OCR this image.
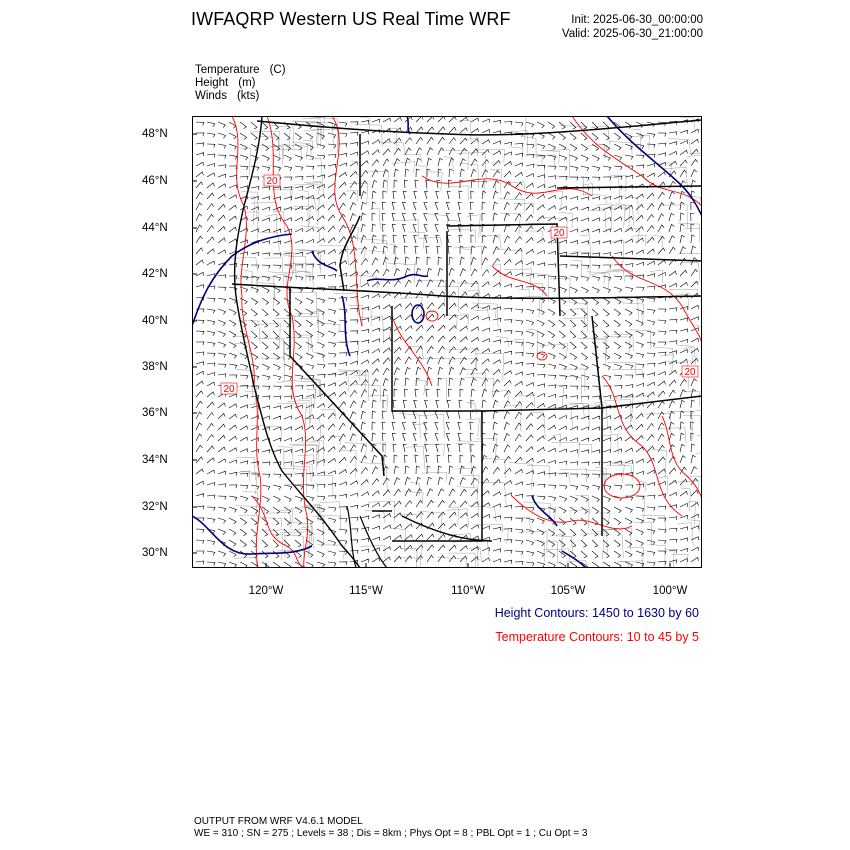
IWFAQRP Western US Real Time WRF	Init: 2025-06-30_00:00:00
Valid: 2025-06-30_21:00:00
Temperature (C)
Height (m)
Winds (kts)
48°N
46°N
44°N
42°N
40°N
38°N
36°N
34°N
32°N
30°N
120°W	115°W	110°W	105°W	100°W
20
20
20
20
Height Contours: 1450 to 1630 by 60
Temperature Contours: 10 to 45 by 5
OUTPUT FROM WRF V4.6.1 MODEL
WE = 310 ; SN = 275 ; Levels = 38 ; Dis = 8km ; Phys Opt = 8 ; PBL Opt = 1 ; Cu Opt = 3
